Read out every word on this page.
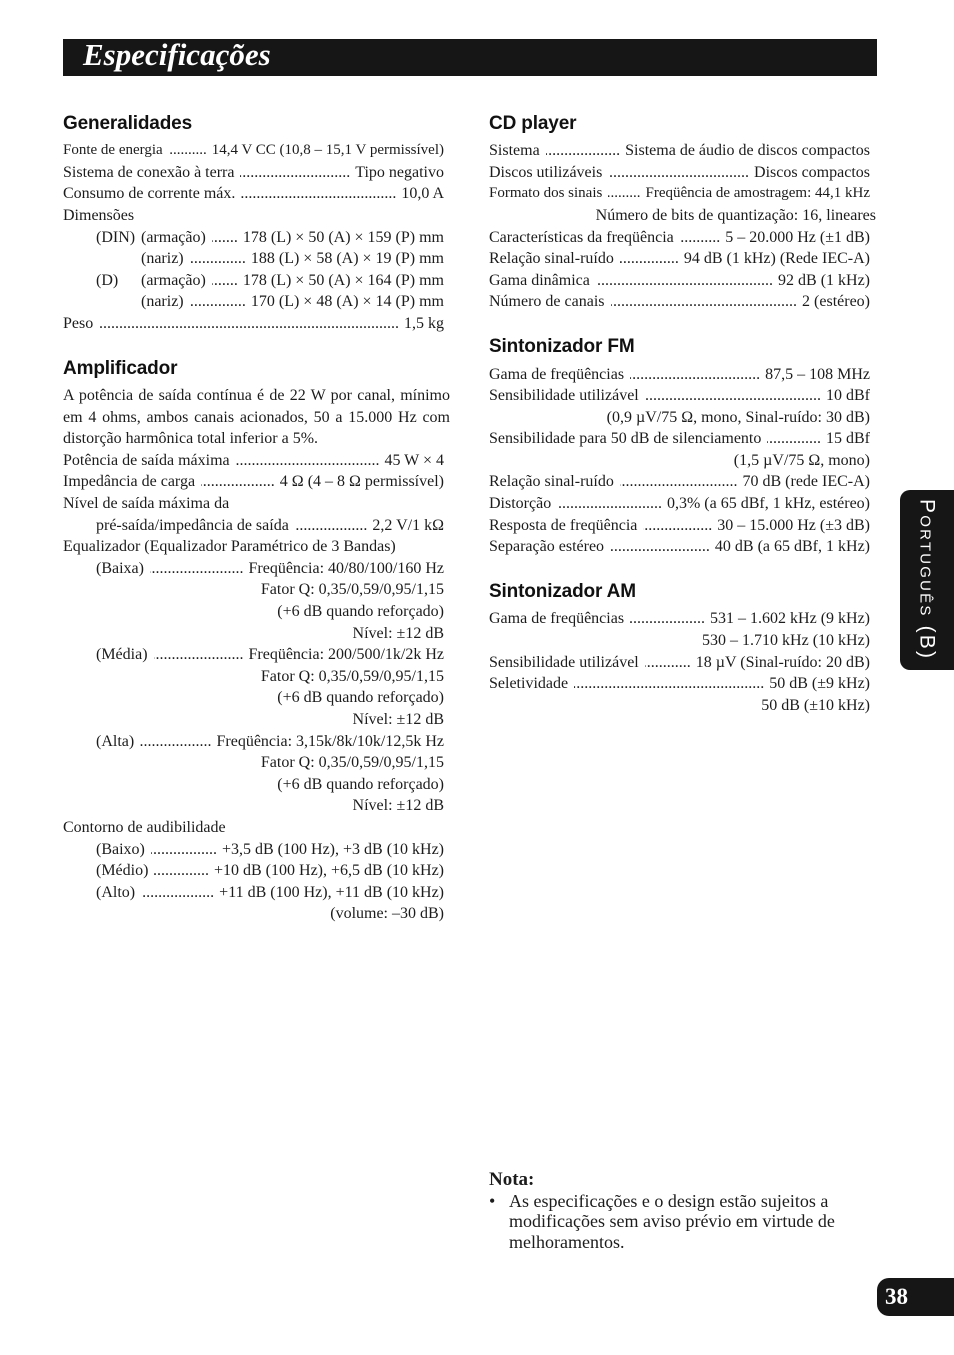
Especificações
Generalidades
Fonte de energia .....	14,4 V CC (10,8 – 15,1 V permissível)
Sistema de conexão à terra .....	Tipo negativo
Consumo de corrente máx. .....	10,0 A
Dimensões
(DIN) (armação) ..... 178 (L) × 50 (A) × 159 (P) mm
(nariz) .....	188 (L) × 58 (A) × 19 (P) mm
(D)	(armação) ..... 178 (L) × 50 (A) × 164 (P) mm
(nariz) .....	170 (L) × 48 (A) × 14 (P) mm
Peso .....	1,5 kg
Amplificador

A potência de saída contínua é de 22 W por canal, mínimo em 4 ohms, ambos canais acionados, 50 a 15.000 Hz com distorção harmônica total inferior a 5%.

Potência de saída máxima .....	45 W × 4
Impedância de carga .....	4 Ω (4 – 8 Ω permissível)
Nível de saída máxima da
pré-saída/impedância de saída .....	2,2 V/1 kΩ
Equalizador (Equalizador Paramétrico de 3 Bandas)
(Baixa) .....	Freqüência: 40/80/100/160 Hz
Fator Q: 0,35/0,59/0,95/1,15
(+6 dB quando reforçado)
Nível: ±12 dB
(Média) .....	Freqüência: 200/500/1k/2k Hz
Fator Q: 0,35/0,59/0,95/1,15
(+6 dB quando reforçado)
Nível: ±12 dB
(Alta) .....	Freqüência: 3,15k/8k/10k/12,5k Hz
Fator Q: 0,35/0,59/0,95/1,15
(+6 dB quando reforçado)
Nível: ±12 dB
Contorno de audibilidade
(Baixo) .....	+3,5 dB (100 Hz), +3 dB (10 kHz)
(Médio) .....	+10 dB (100 Hz), +6,5 dB (10 kHz)
(Alto) .....	+11 dB (100 Hz), +11 dB (10 kHz)
(volume: –30 dB)
CD player
Sistema .....	Sistema de áudio de discos compactos
Discos utilizáveis .....	Discos compactos
Formato dos sinais .....	Freqüência de amostragem: 44,1 kHz
Número de bits de quantização: 16, lineares
Características da freqüência .....	5 – 20.000 Hz (±1 dB)
Relação sinal-ruído .....	94 dB (1 kHz) (Rede IEC-A)
Gama dinâmica .....	92 dB (1 kHz)
Número de canais .....	2 (estéreo)
Sintonizador FM
Gama de freqüências .....	87,5 – 108 MHz
Sensibilidade utilizável .....	10 dBf
(0,9 µV/75 Ω, mono, Sinal-ruído: 30 dB)
Sensibilidade para 50 dB de silenciamento .....	15 dBf
(1,5 µV/75 Ω, mono)
Relação sinal-ruído .....	70 dB (rede IEC-A)
Distorção .....	0,3% (a 65 dBf, 1 kHz, estéreo)
Resposta de freqüência .....	30 – 15.000 Hz (±3 dB)
Separação estéreo .....	40 dB (a 65 dBf, 1 kHz)
Sintonizador AM
Gama de freqüências .....	531 – 1.602 kHz (9 kHz)
530 – 1.710 kHz (10 kHz)
Sensibilidade utilizável .....	18 µV (Sinal-ruído: 20 dB)
Seletividade .....	50 dB (±9 kHz)
50 dB (±10 kHz)
Nota:
• As especificações e o design estão sujeitos a modificações sem aviso prévio em virtude de melhoramentos.
Português (B)
38
